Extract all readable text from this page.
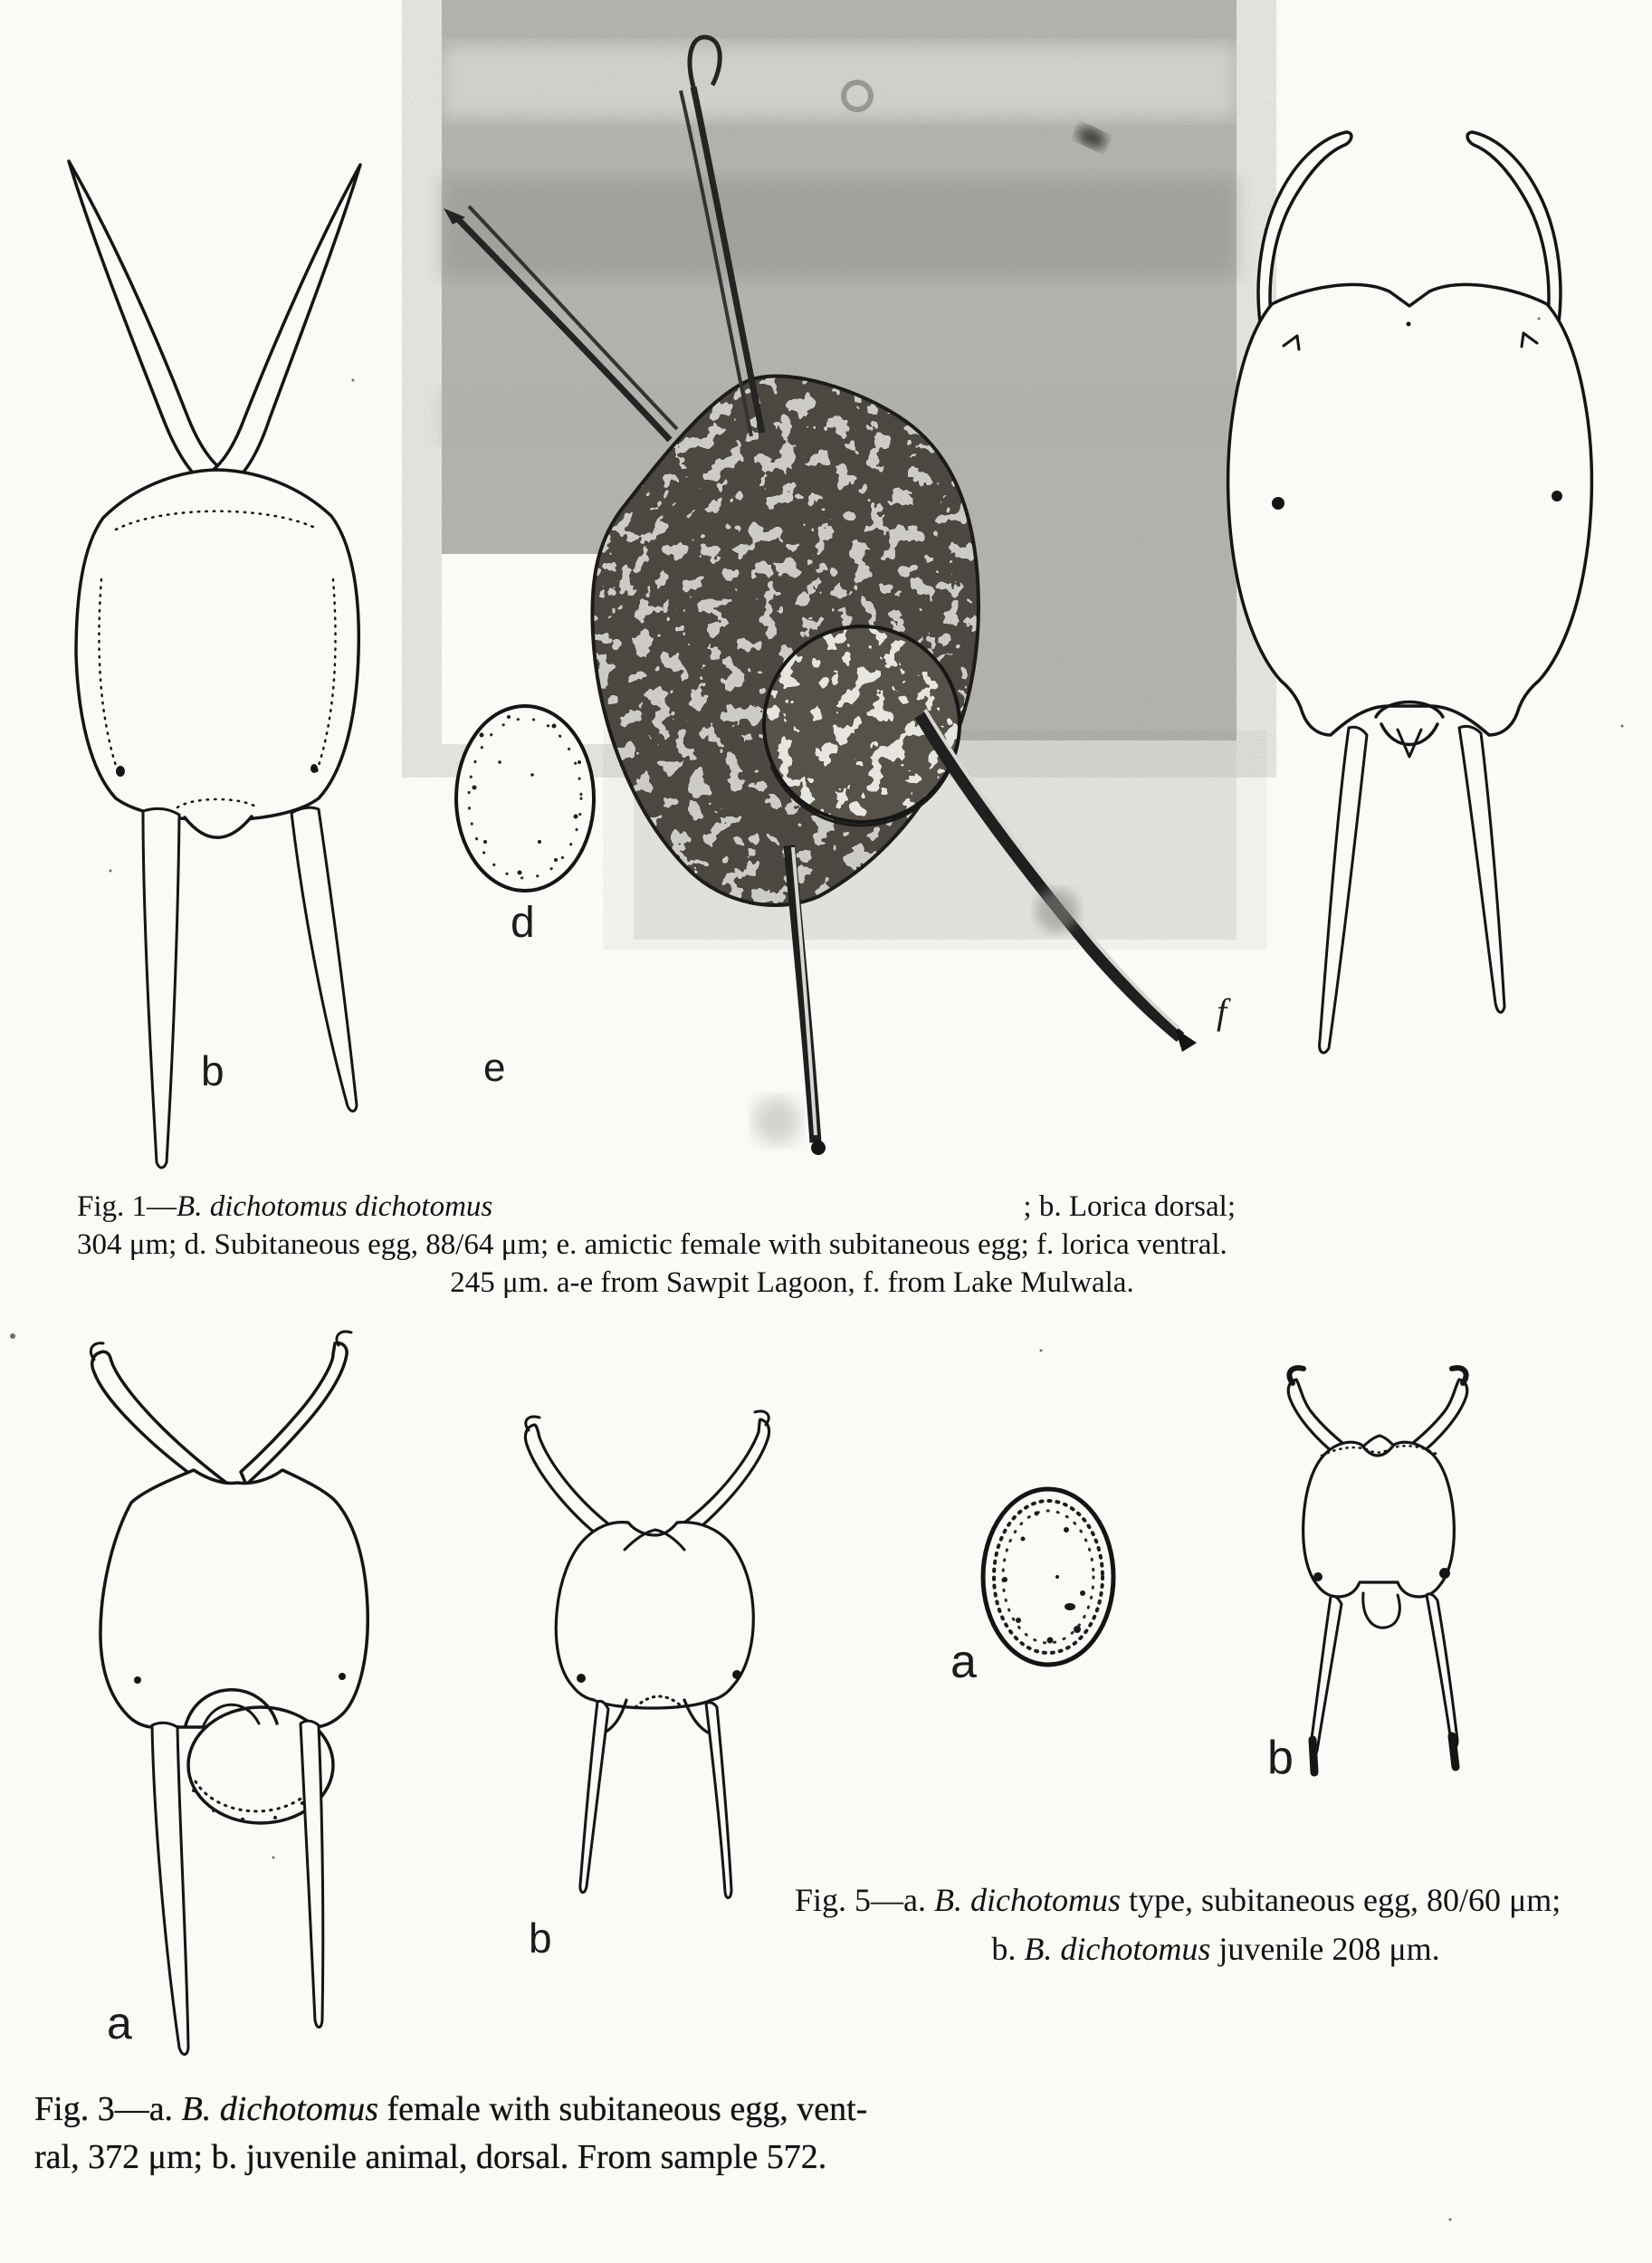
b	e
d
f
a
b
a
b
Fig. 1—B. dichotomus dichotomus	; b. Lorica dorsal;
304 μm; d. Subitaneous egg, 88/64 μm; e. amictic female with subitaneous egg; f. lorica ventral.
245 μm. a-e from Sawpit Lagoon, f. from Lake Mulwala.
Fig. 5—a. B. dichotomus type, subitaneous egg, 80/60 μm;
b. B. dichotomus juvenile 208 μm.
Fig. 3—a. B. dichotomus female with subitaneous egg, vent-
ral, 372 μm; b. juvenile animal, dorsal. From sample 572.
